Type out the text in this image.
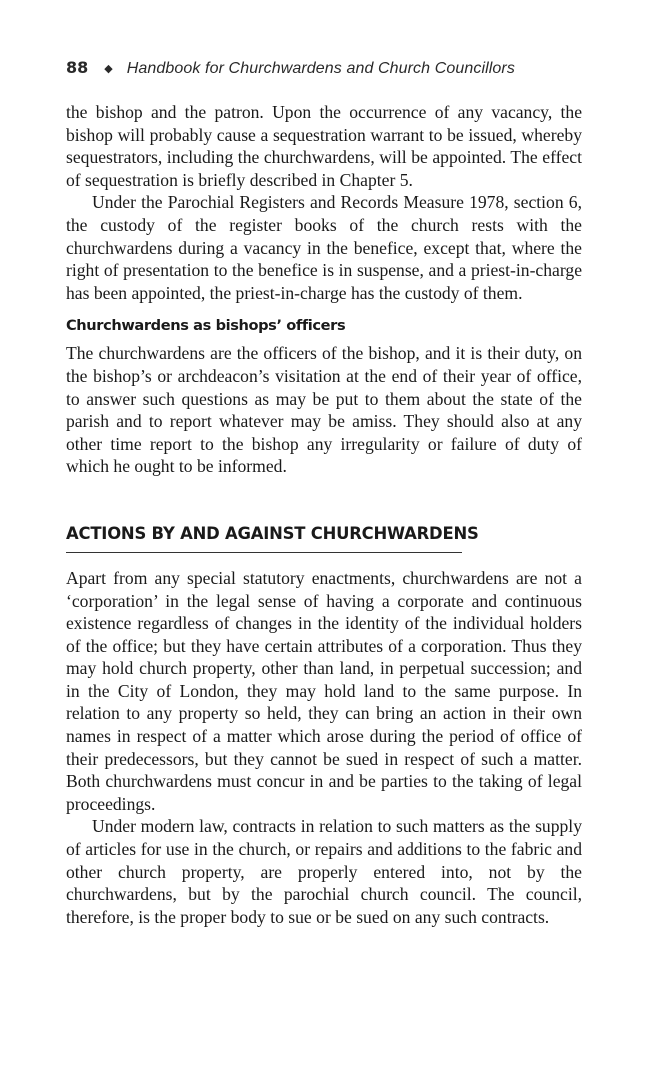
88 ◆ Handbook for Churchwardens and Church Councillors

the bishop and the patron. Upon the occurrence of any vacancy, the bishop will probably cause a sequestration warrant to be issued, whereby sequestrators, including the churchwardens, will be appointed. The effect of sequestration is briefly described in Chapter 5.

Under the Parochial Registers and Records Measure 1978, section 6, the custody of the register books of the church rests with the churchwardens during a vacancy in the benefice, except that, where the right of presentation to the benefice is in suspense, and a priest-in-charge has been appointed, the priest-in-charge has the custody of them.

Churchwardens as bishops’ officers

The churchwardens are the officers of the bishop, and it is their duty, on the bishop’s or archdeacon’s visitation at the end of their year of office, to answer such questions as may be put to them about the state of the parish and to report whatever may be amiss. They should also at any other time report to the bishop any irregularity or failure of duty of which he ought to be informed.

ACTIONS BY AND AGAINST CHURCHWARDENS

Apart from any special statutory enactments, churchwardens are not a ‘corporation’ in the legal sense of having a corporate and continuous existence regardless of changes in the identity of the individual holders of the office; but they have certain attributes of a corporation. Thus they may hold church property, other than land, in perpetual succession; and in the City of London, they may hold land to the same purpose. In relation to any property so held, they can bring an action in their own names in respect of a matter which arose during the period of office of their predecessors, but they cannot be sued in respect of such a matter. Both churchwardens must concur in and be parties to the taking of legal proceedings.

Under modern law, contracts in relation to such matters as the supply of articles for use in the church, or repairs and additions to the fabric and other church property, are properly entered into, not by the churchwardens, but by the parochial church council. The council, therefore, is the proper body to sue or be sued on any such contracts.
